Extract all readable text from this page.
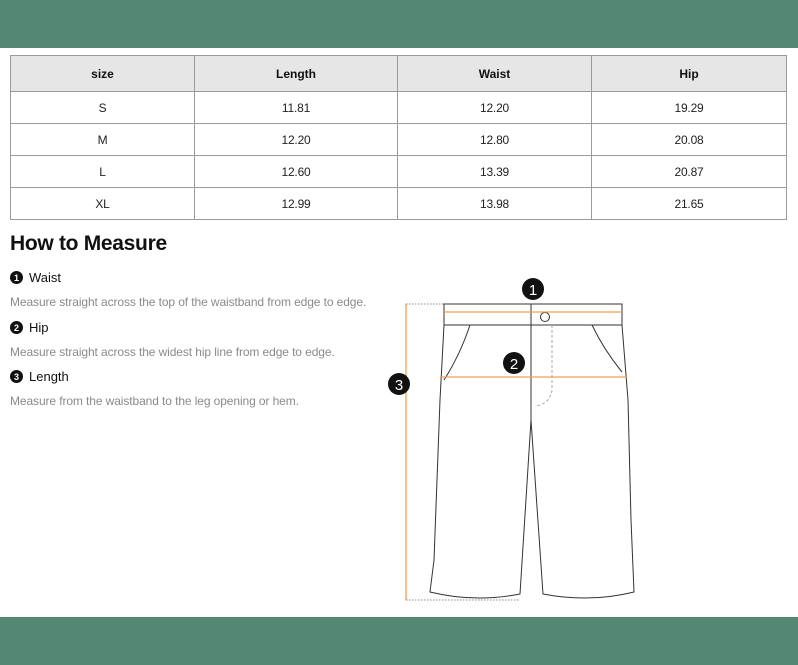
size	Length	Waist	Hip
S	11.81	12.20	19.29
M	12.20	12.80	20.08
L	12.60	13.39	20.87
XL	12.99	13.98	21.65
How to Measure
1 Waist
Measure straight across the top of the waistband from edge to edge.
2 Hip
Measure straight across the widest hip line from edge to edge.
3 Length
Measure from the waistband to the leg opening or hem.
1
2
3
